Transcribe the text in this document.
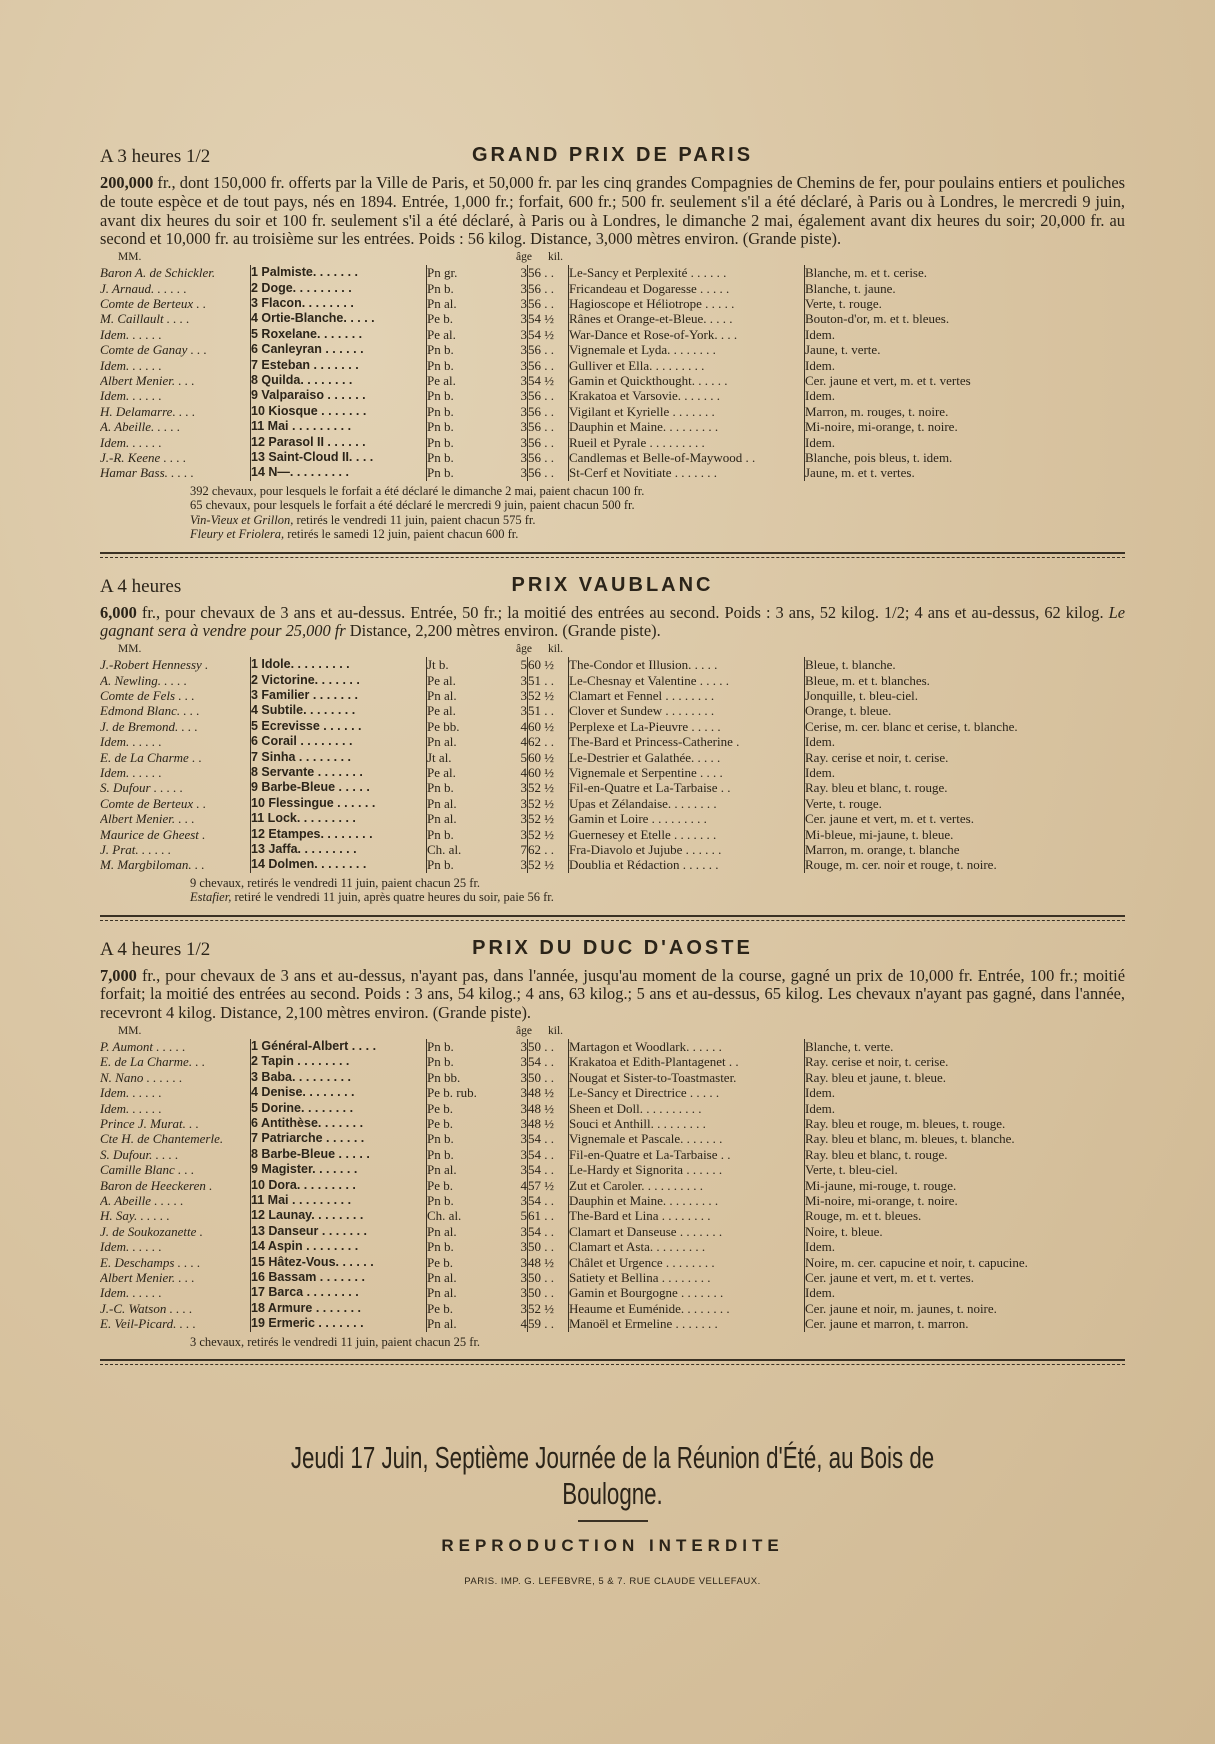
A 3 heures 1/2	GRAND PRIX DE PARIS

200,000 fr., dont 150,000 fr. offerts par la Ville de Paris, et 50,000 fr. par les cinq grandes Compagnies de Chemins de fer, pour poulains entiers et pouliches de toute espèce et de tout pays, nés en 1894. Entrée, 1,000 fr.; forfait, 600 fr.; 500 fr. seulement s'il a été déclaré, à Paris ou à Londres, le mercredi 9 juin, avant dix heures du soir et 100 fr. seulement s'il a été déclaré, à Paris ou à Londres, le dimanche 2 mai, également avant dix heures du soir; 20,000 fr. au second et 10,000 fr. au troisième sur les entrées. Poids : 56 kilog. Distance, 3,000 mètres environ. (Grande piste).

MM.	âge kil.
Baron A. de Schickler.	1 Palmiste. . . . . . .	Pn gr.	3	56 . .	Le-Sancy et Perplexité . . . . . .	Blanche, m. et t. cerise.
J. Arnaud. . . . . .	2 Doge. . . . . . . . .	Pn b.	3	56 . .	Fricandeau et Dogaresse . . . . .	Blanche, t. jaune.
Comte de Berteux . .	3 Flacon. . . . . . . .	Pn al.	3	56 . .	Hagioscope et Héliotrope . . . . .	Verte, t. rouge.
M. Caillault . . . .	4 Ortie-Blanche. . . . .	Pe b.	3	54 ½	Rânes et Orange-et-Bleue. . . . .	Bouton-d'or, m. et t. bleues.
Idem. . . . . .	5 Roxelane. . . . . . .	Pe al.	3	54 ½	War-Dance et Rose-of-York. . . .	Idem.
Comte de Ganay . . .	6 Canleyran . . . . . .	Pn b.	3	56 . .	Vignemale et Lyda. . . . . . . .	Jaune, t. verte.
Idem. . . . . .	7 Esteban . . . . . . .	Pn b.	3	56 . .	Gulliver et Ella. . . . . . . . .	Idem.
Albert Menier. . . .	8 Quilda. . . . . . . .	Pe al.	3	54 ½	Gamin et Quickthought. . . . . .	Cer. jaune et vert, m. et t. vertes
Idem. . . . . .	9 Valparaiso . . . . . .	Pn b.	3	56 . .	Krakatoa et Varsovie. . . . . . .	Idem.
H. Delamarre. . . .	10 Kiosque . . . . . . .	Pn b.	3	56 . .	Vigilant et Kyrielle . . . . . . .	Marron, m. rouges, t. noire.
A. Abeille. . . . .	11 Mai . . . . . . . . .	Pn b.	3	56 . .	Dauphin et Maine. . . . . . . . .	Mi-noire, mi-orange, t. noire.
Idem. . . . . .	12 Parasol II . . . . . .	Pn b.	3	56 . .	Rueil et Pyrale . . . . . . . . .	Idem.
J.-R. Keene . . . .	13 Saint-Cloud II. . . .	Pn b.	3	56 . .	Candlemas et Belle-of-Maywood . .	Blanche, pois bleus, t. idem.
Hamar Bass. . . . .	14 N—. . . . . . . . .	Pn b.	3	56 . .	St-Cerf et Novitiate . . . . . . .	Jaune, m. et t. vertes.
392 chevaux, pour lesquels le forfait a été déclaré le dimanche 2 mai, paient chacun 100 fr.
65 chevaux, pour lesquels le forfait a été déclaré le mercredi 9 juin, paient chacun 500 fr.
Vin-Vieux et Grillon, retirés le vendredi 11 juin, paient chacun 575 fr.
Fleury et Friolera, retirés le samedi 12 juin, paient chacun 600 fr.
A 4 heures	PRIX VAUBLANC

6,000 fr., pour chevaux de 3 ans et au-dessus. Entrée, 50 fr.; la moitié des entrées au second. Poids : 3 ans, 52 kilog. 1/2; 4 ans et au-dessus, 62 kilog. Le gagnant sera à vendre pour 25,000 fr Distance, 2,200 mètres environ. (Grande piste).

MM.	âge kil.
J.-Robert Hennessy .	1 Idole. . . . . . . . .	Jt b.	5	60 ½	The-Condor et Illusion. . . . .	Bleue, t. blanche.
A. Newling. . . . .	2 Victorine. . . . . . .	Pe al.	3	51 . .	Le-Chesnay et Valentine . . . . .	Bleue, m. et t. blanches.
Comte de Fels . . .	3 Familier . . . . . . .	Pn al.	3	52 ½	Clamart et Fennel . . . . . . . .	Jonquille, t. bleu-ciel.
Edmond Blanc. . . .	4 Subtile. . . . . . . .	Pe al.	3	51 . .	Clover et Sundew . . . . . . . .	Orange, t. bleue.
J. de Bremond. . . .	5 Ecrevisse . . . . . .	Pe bb.	4	60 ½	Perplexe et La-Pieuvre . . . . .	Cerise, m. cer. blanc et cerise, t. blanche.
Idem. . . . . .	6 Corail . . . . . . . .	Pn al.	4	62 . .	The-Bard et Princess-Catherine .	Idem.
E. de La Charme . .	7 Sinha . . . . . . . .	Jt al.	5	60 ½	Le-Destrier et Galathée. . . . .	Ray. cerise et noir, t. cerise.
Idem. . . . . .	8 Servante . . . . . . .	Pe al.	4	60 ½	Vignemale et Serpentine . . . .	Idem.
S. Dufour . . . . .	9 Barbe-Bleue . . . . .	Pn b.	3	52 ½	Fil-en-Quatre et La-Tarbaise . .	Ray. bleu et blanc, t. rouge.
Comte de Berteux . .	10 Flessingue . . . . . .	Pn al.	3	52 ½	Upas et Zélandaise. . . . . . . .	Verte, t. rouge.
Albert Menier. . . .	11 Lock. . . . . . . . .	Pn al.	3	52 ½	Gamin et Loire . . . . . . . . .	Cer. jaune et vert, m. et t. vertes.
Maurice de Gheest .	12 Etampes. . . . . . . .	Pn b.	3	52 ½	Guernesey et Etelle . . . . . . .	Mi-bleue, mi-jaune, t. bleue.
J. Prat. . . . . .	13 Jaffa. . . . . . . . .	Ch. al.	7	62 . .	Fra-Diavolo et Jujube . . . . . .	Marron, m. orange, t. blanche
M. Margbiloman. . .	14 Dolmen. . . . . . . .	Pn b.	3	52 ½	Doublia et Rédaction . . . . . .	Rouge, m. cer. noir et rouge, t. noire.
9 chevaux, retirés le vendredi 11 juin, paient chacun 25 fr.
Estafier, retiré le vendredi 11 juin, après quatre heures du soir, paie 56 fr.
A 4 heures 1/2	PRIX DU DUC D'AOSTE

7,000 fr., pour chevaux de 3 ans et au-dessus, n'ayant pas, dans l'année, jusqu'au moment de la course, gagné un prix de 10,000 fr. Entrée, 100 fr.; moitié forfait; la moitié des entrées au second. Poids : 3 ans, 54 kilog.; 4 ans, 63 kilog.; 5 ans et au-dessus, 65 kilog. Les chevaux n'ayant pas gagné, dans l'année, recevront 4 kilog. Distance, 2,100 mètres environ. (Grande piste).

MM.	âge kil.
P. Aumont . . . . .	1 Général-Albert . . . .	Pn b.	3	50 . .	Martagon et Woodlark. . . . . .	Blanche, t. verte.
E. de La Charme. . .	2 Tapin . . . . . . . .	Pn b.	3	54 . .	Krakatoa et Edith-Plantagenet . .	Ray. cerise et noir, t. cerise.
N. Nano . . . . . .	3 Baba. . . . . . . . .	Pn bb.	3	50 . .	Nougat et Sister-to-Toastmaster.	Ray. bleu et jaune, t. bleue.
Idem. . . . . .	4 Denise. . . . . . . .	Pe b. rub.	3	48 ½	Le-Sancy et Directrice . . . . .	Idem.
Idem. . . . . .	5 Dorine. . . . . . . .	Pe b.	3	48 ½	Sheen et Doll. . . . . . . . . .	Idem.
Prince J. Murat. . .	6 Antithèse. . . . . . .	Pe b.	3	48 ½	Souci et Anthill. . . . . . . . .	Ray. bleu et rouge, m. bleues, t. rouge.
Cte H. de Chantemerle.	7 Patriarche . . . . . .	Pn b.	3	54 . .	Vignemale et Pascale. . . . . . .	Ray. bleu et blanc, m. bleues, t. blanche.
S. Dufour. . . . .	8 Barbe-Bleue . . . . .	Pn b.	3	54 . .	Fil-en-Quatre et La-Tarbaise . .	Ray. bleu et blanc, t. rouge.
Camille Blanc . . .	9 Magister. . . . . . .	Pn al.	3	54 . .	Le-Hardy et Signorita . . . . . .	Verte, t. bleu-ciel.
Baron de Heeckeren .	10 Dora. . . . . . . . .	Pe b.	4	57 ½	Zut et Caroler. . . . . . . . . .	Mi-jaune, mi-rouge, t. rouge.
A. Abeille . . . . .	11 Mai . . . . . . . . .	Pn b.	3	54 . .	Dauphin et Maine. . . . . . . . .	Mi-noire, mi-orange, t. noire.
H. Say. . . . . .	12 Launay. . . . . . . .	Ch. al.	5	61 . .	The-Bard et Lina . . . . . . . .	Rouge, m. et t. bleues.
J. de Soukozanette .	13 Danseur . . . . . . .	Pn al.	3	54 . .	Clamart et Danseuse . . . . . . .	Noire, t. bleue.
Idem. . . . . .	14 Aspin . . . . . . . .	Pn b.	3	50 . .	Clamart et Asta. . . . . . . . .	Idem.
E. Deschamps . . . .	15 Hâtez-Vous. . . . . .	Pe b.	3	48 ½	Châlet et Urgence . . . . . . . .	Noire, m. cer. capucine et noir, t. capucine.
Albert Menier. . . .	16 Bassam . . . . . . .	Pn al.	3	50 . .	Satiety et Bellina . . . . . . . .	Cer. jaune et vert, m. et t. vertes.
Idem. . . . . .	17 Barca . . . . . . . .	Pn al.	3	50 . .	Gamin et Bourgogne . . . . . . .	Idem.
J.-C. Watson . . . .	18 Armure . . . . . . .	Pe b.	3	52 ½	Heaume et Euménide. . . . . . . .	Cer. jaune et noir, m. jaunes, t. noire.
E. Veil-Picard. . . .	19 Ermeric . . . . . . .	Pn al.	4	59 . .	Manoël et Ermeline . . . . . . .	Cer. jaune et marron, t. marron.
3 chevaux, retirés le vendredi 11 juin, paient chacun 25 fr.
Jeudi 17 Juin, Septième Journée de la Réunion d'Été, au Bois de Boulogne.
REPRODUCTION INTERDITE
PARIS. IMP. G. LEFEBVRE, 5 & 7. RUE CLAUDE VELLEFAUX.
